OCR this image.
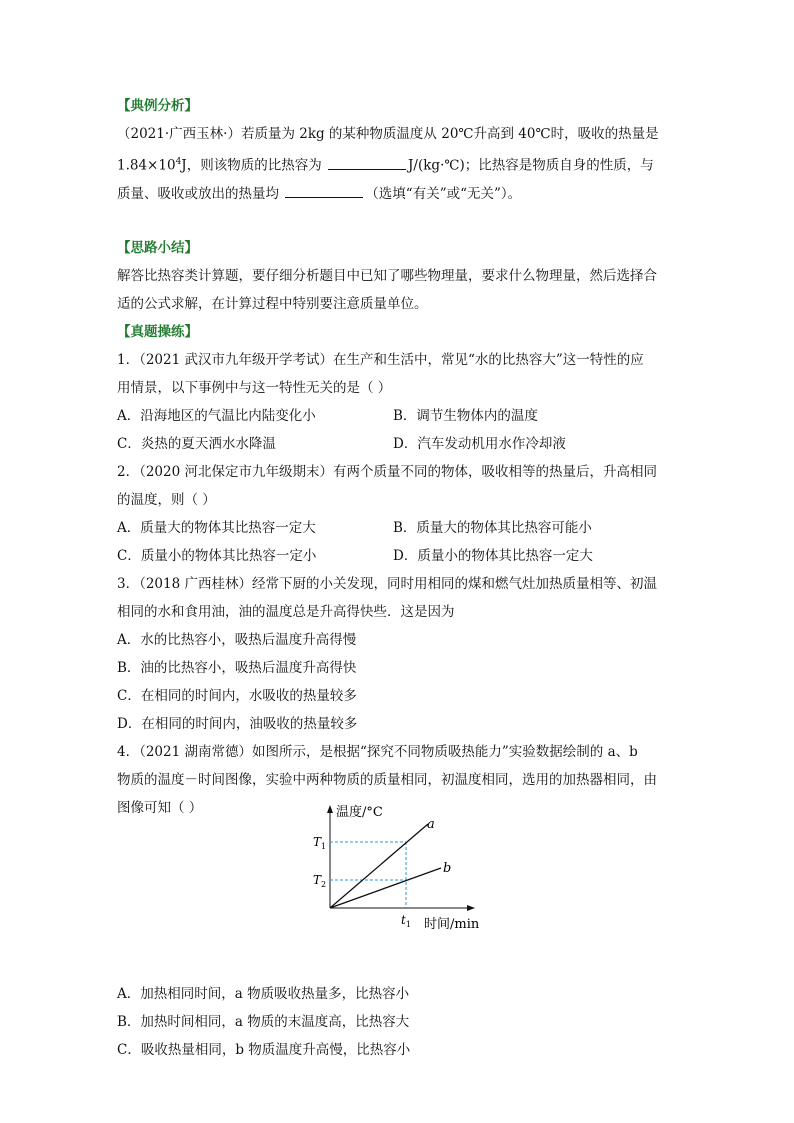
【典例分析】
（2021·广西玉林·）若质量为 2kg 的某种物质温度从 20℃升高到 40℃时，吸收的热量是
$1.84\times 10^4J$，则该物质的比热容为	J/(kg·℃)；比热容是物质自身的性质，与
质量、吸收或放出的热量均	（选填“有关”或“无关”）。
【思路小结】
解答比热容类计算题，要仔细分析题目中已知了哪些物理量，要求什么物理量，然后选择合
适的公式求解，在计算过程中特别要注意质量单位。
【真题操练】
1．（2021 武汉市九年级开学考试）在生产和生活中，常见“水的比热容大”这一特性的应
用情景，以下事例中与这一特性无关的是（ ）
A．沿海地区的气温比内陆变化小	B．调节生物体内的温度
C．炎热的夏天洒水水降温	D．汽车发动机用水作冷却液
2．（2020 河北保定市九年级期末）有两个质量不同的物体，吸收相等的热量后，升高相同
的温度，则（ ）
A．质量大的物体其比热容一定大	B．质量大的物体其比热容可能小
C．质量小的物体其比热容一定小	D．质量小的物体其比热容一定大
3．（2018 广西桂林）经常下厨的小关发现，同时用相同的煤和燃气灶加热质量相等、初温
相同的水和食用油，油的温度总是升高得快些．这是因为
A．水的比热容小，吸热后温度升高得慢
B．油的比热容小，吸热后温度升高得快
C．在相同的时间内，水吸收的热量较多
D．在相同的时间内，油吸收的热量较多
4．（2021 湖南常德）如图所示，是根据“探究不同物质吸热能力”实验数据绘制的 a、b
物质的温度－时间图像，实验中两种物质的质量相同，初温度相同，选用的加热器相同，由
图像可知（ ）
A．加热相同时间，a 物质吸收热量多，比热容小
B．加热时间相同，a 物质的末温度高，比热容大
C．吸收热量相同，b 物质温度升高慢，比热容小
温度/°C
时间/min
a
b
$T_1$
$T_2$
$t_1$
